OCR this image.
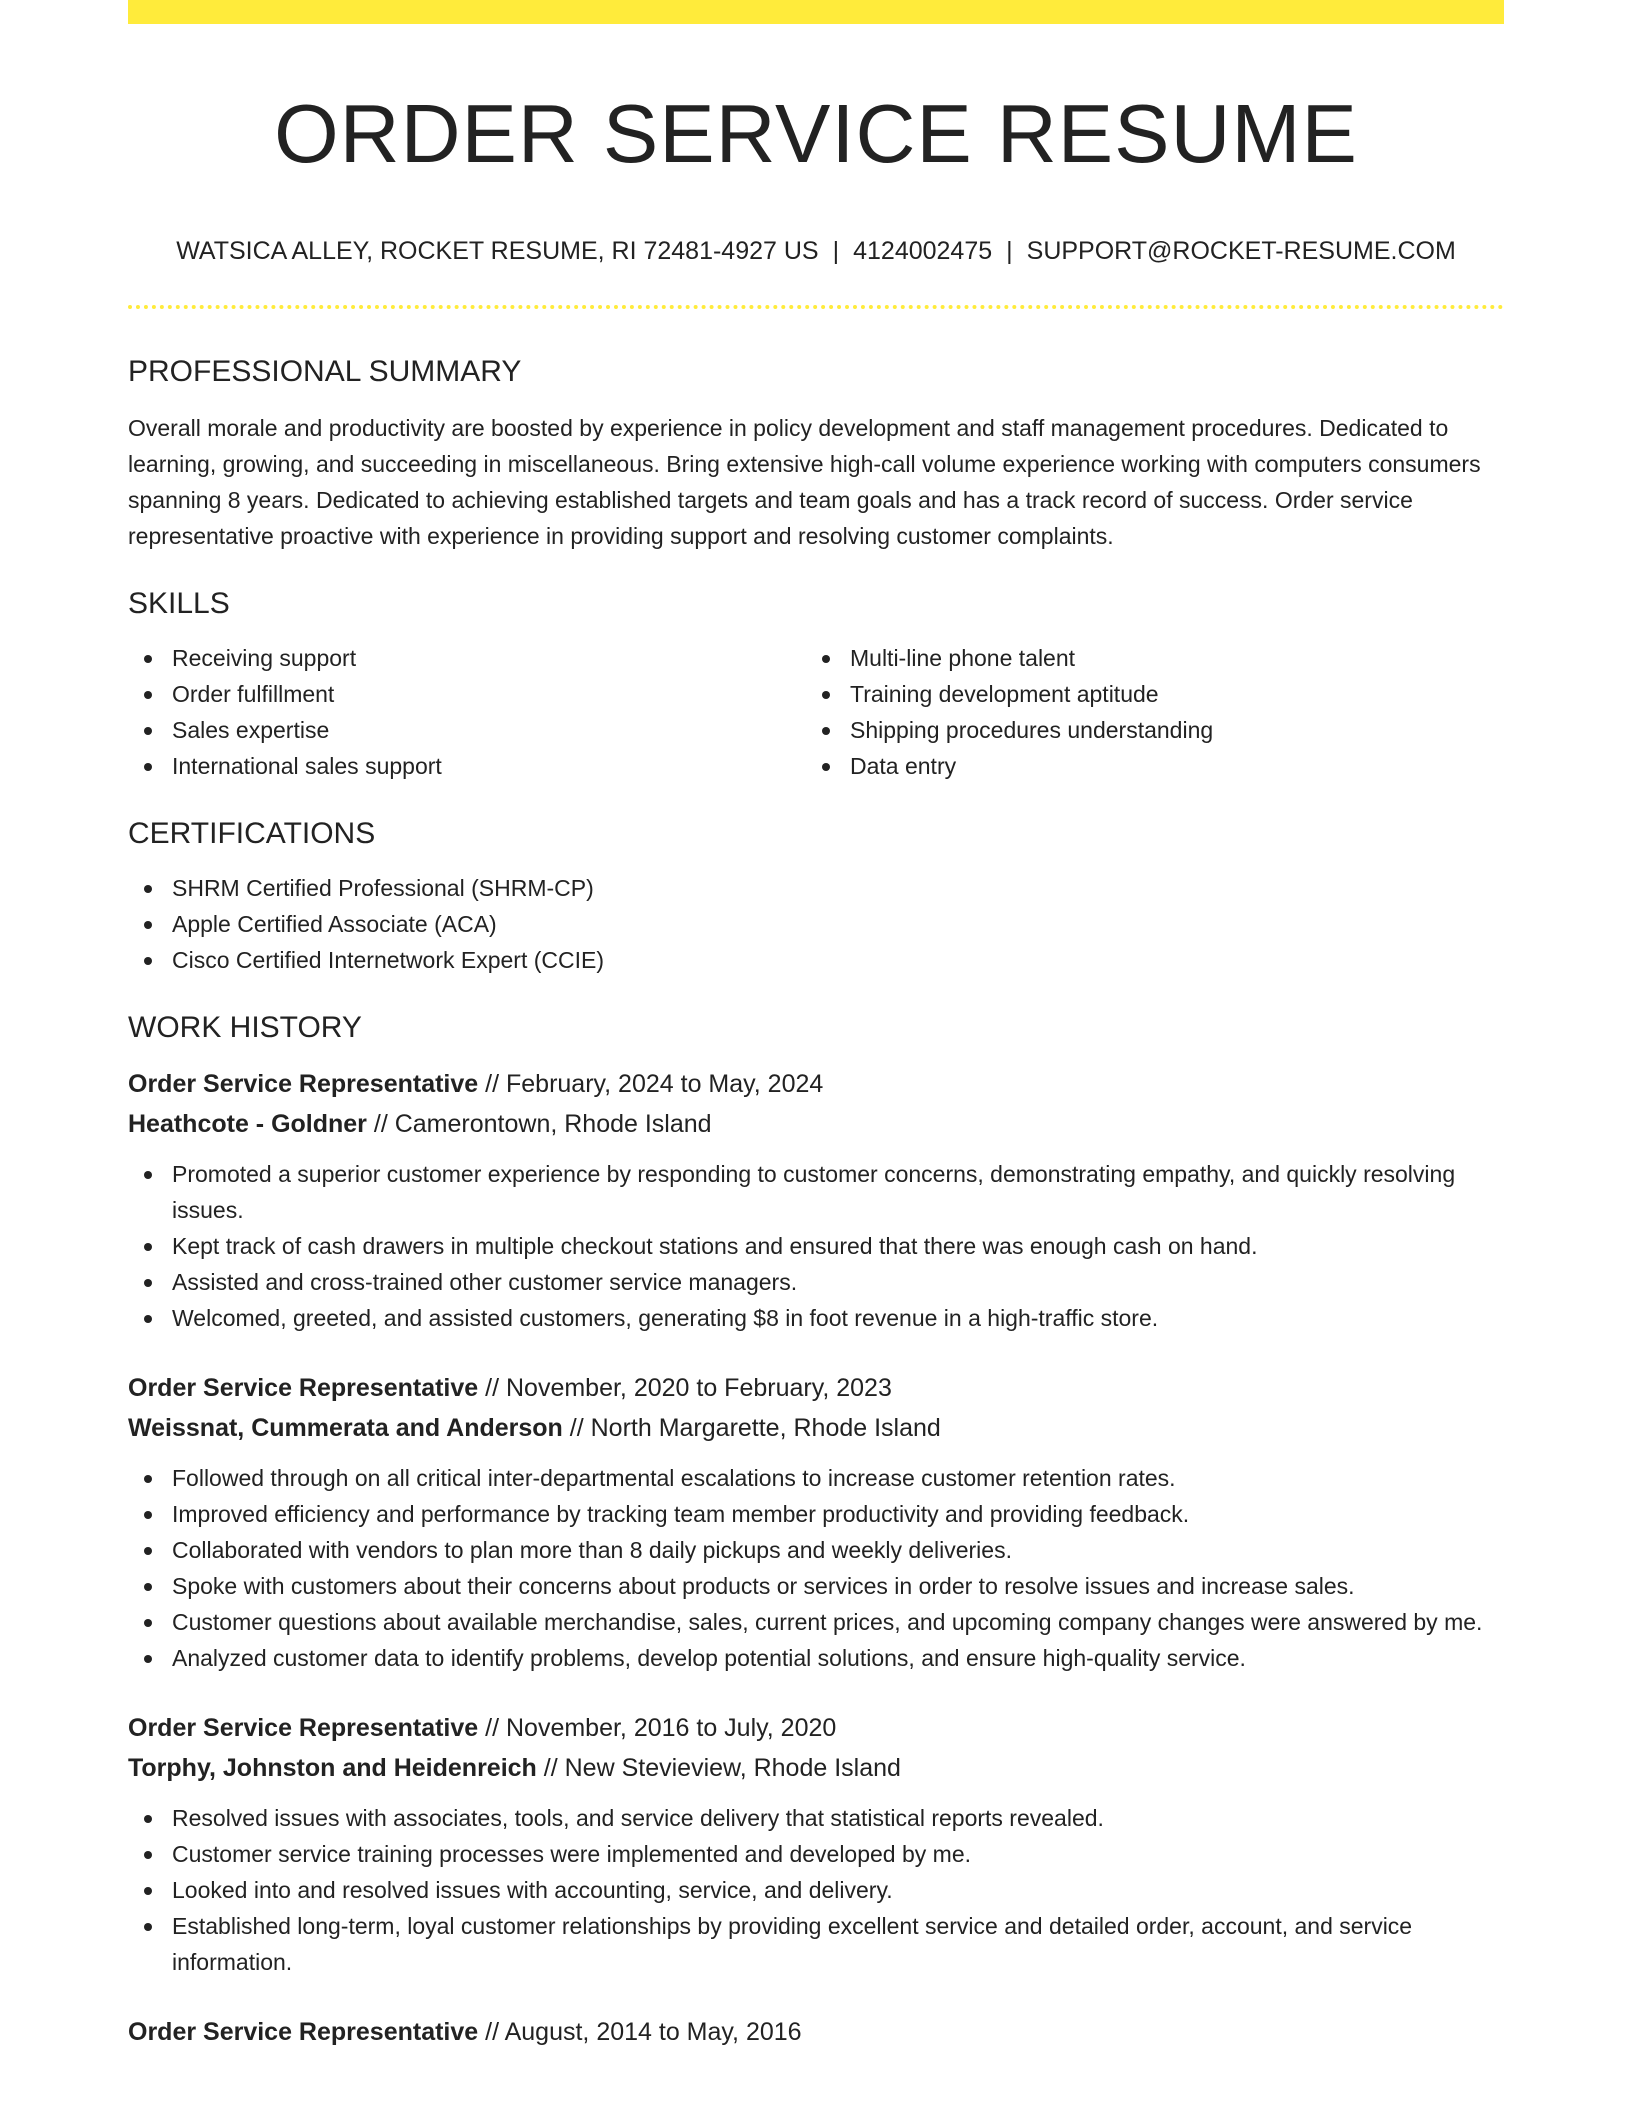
ORDER SERVICE RESUME
WATSICA ALLEY, ROCKET RESUME, RI 72481-4927 US | 4124002475 | SUPPORT@ROCKET-RESUME.COM
PROFESSIONAL SUMMARY

Overall morale and productivity are boosted by experience in policy development and staff management procedures. Dedicated to learning, growing, and succeeding in miscellaneous. Bring extensive high-call volume experience working with computers consumers spanning 8 years. Dedicated to achieving established targets and team goals and has a track record of success. Order service representative proactive with experience in providing support and resolving customer complaints.

SKILLS
Receiving support
Order fulfillment
Sales expertise
International sales support
Multi-line phone talent
Training development aptitude
Shipping procedures understanding
Data entry
CERTIFICATIONS
SHRM Certified Professional (SHRM-CP)
Apple Certified Associate (ACA)
Cisco Certified Internetwork Expert (CCIE)
WORK HISTORY
Order Service Representative // February, 2024 to May, 2024
Heathcote - Goldner // Camerontown, Rhode Island
Promoted a superior customer experience by responding to customer concerns, demonstrating empathy, and quickly resolving issues.
Kept track of cash drawers in multiple checkout stations and ensured that there was enough cash on hand.
Assisted and cross-trained other customer service managers.
Welcomed, greeted, and assisted customers, generating $8 in foot revenue in a high-traffic store.
Order Service Representative // November, 2020 to February, 2023
Weissnat, Cummerata and Anderson // North Margarette, Rhode Island
Followed through on all critical inter-departmental escalations to increase customer retention rates.
Improved efficiency and performance by tracking team member productivity and providing feedback.
Collaborated with vendors to plan more than 8 daily pickups and weekly deliveries.
Spoke with customers about their concerns about products or services in order to resolve issues and increase sales.
Customer questions about available merchandise, sales, current prices, and upcoming company changes were answered by me.
Analyzed customer data to identify problems, develop potential solutions, and ensure high-quality service.
Order Service Representative // November, 2016 to July, 2020
Torphy, Johnston and Heidenreich // New Stevieview, Rhode Island
Resolved issues with associates, tools, and service delivery that statistical reports revealed.
Customer service training processes were implemented and developed by me.
Looked into and resolved issues with accounting, service, and delivery.
Established long-term, loyal customer relationships by providing excellent service and detailed order, account, and service information.
Order Service Representative // August, 2014 to May, 2016
